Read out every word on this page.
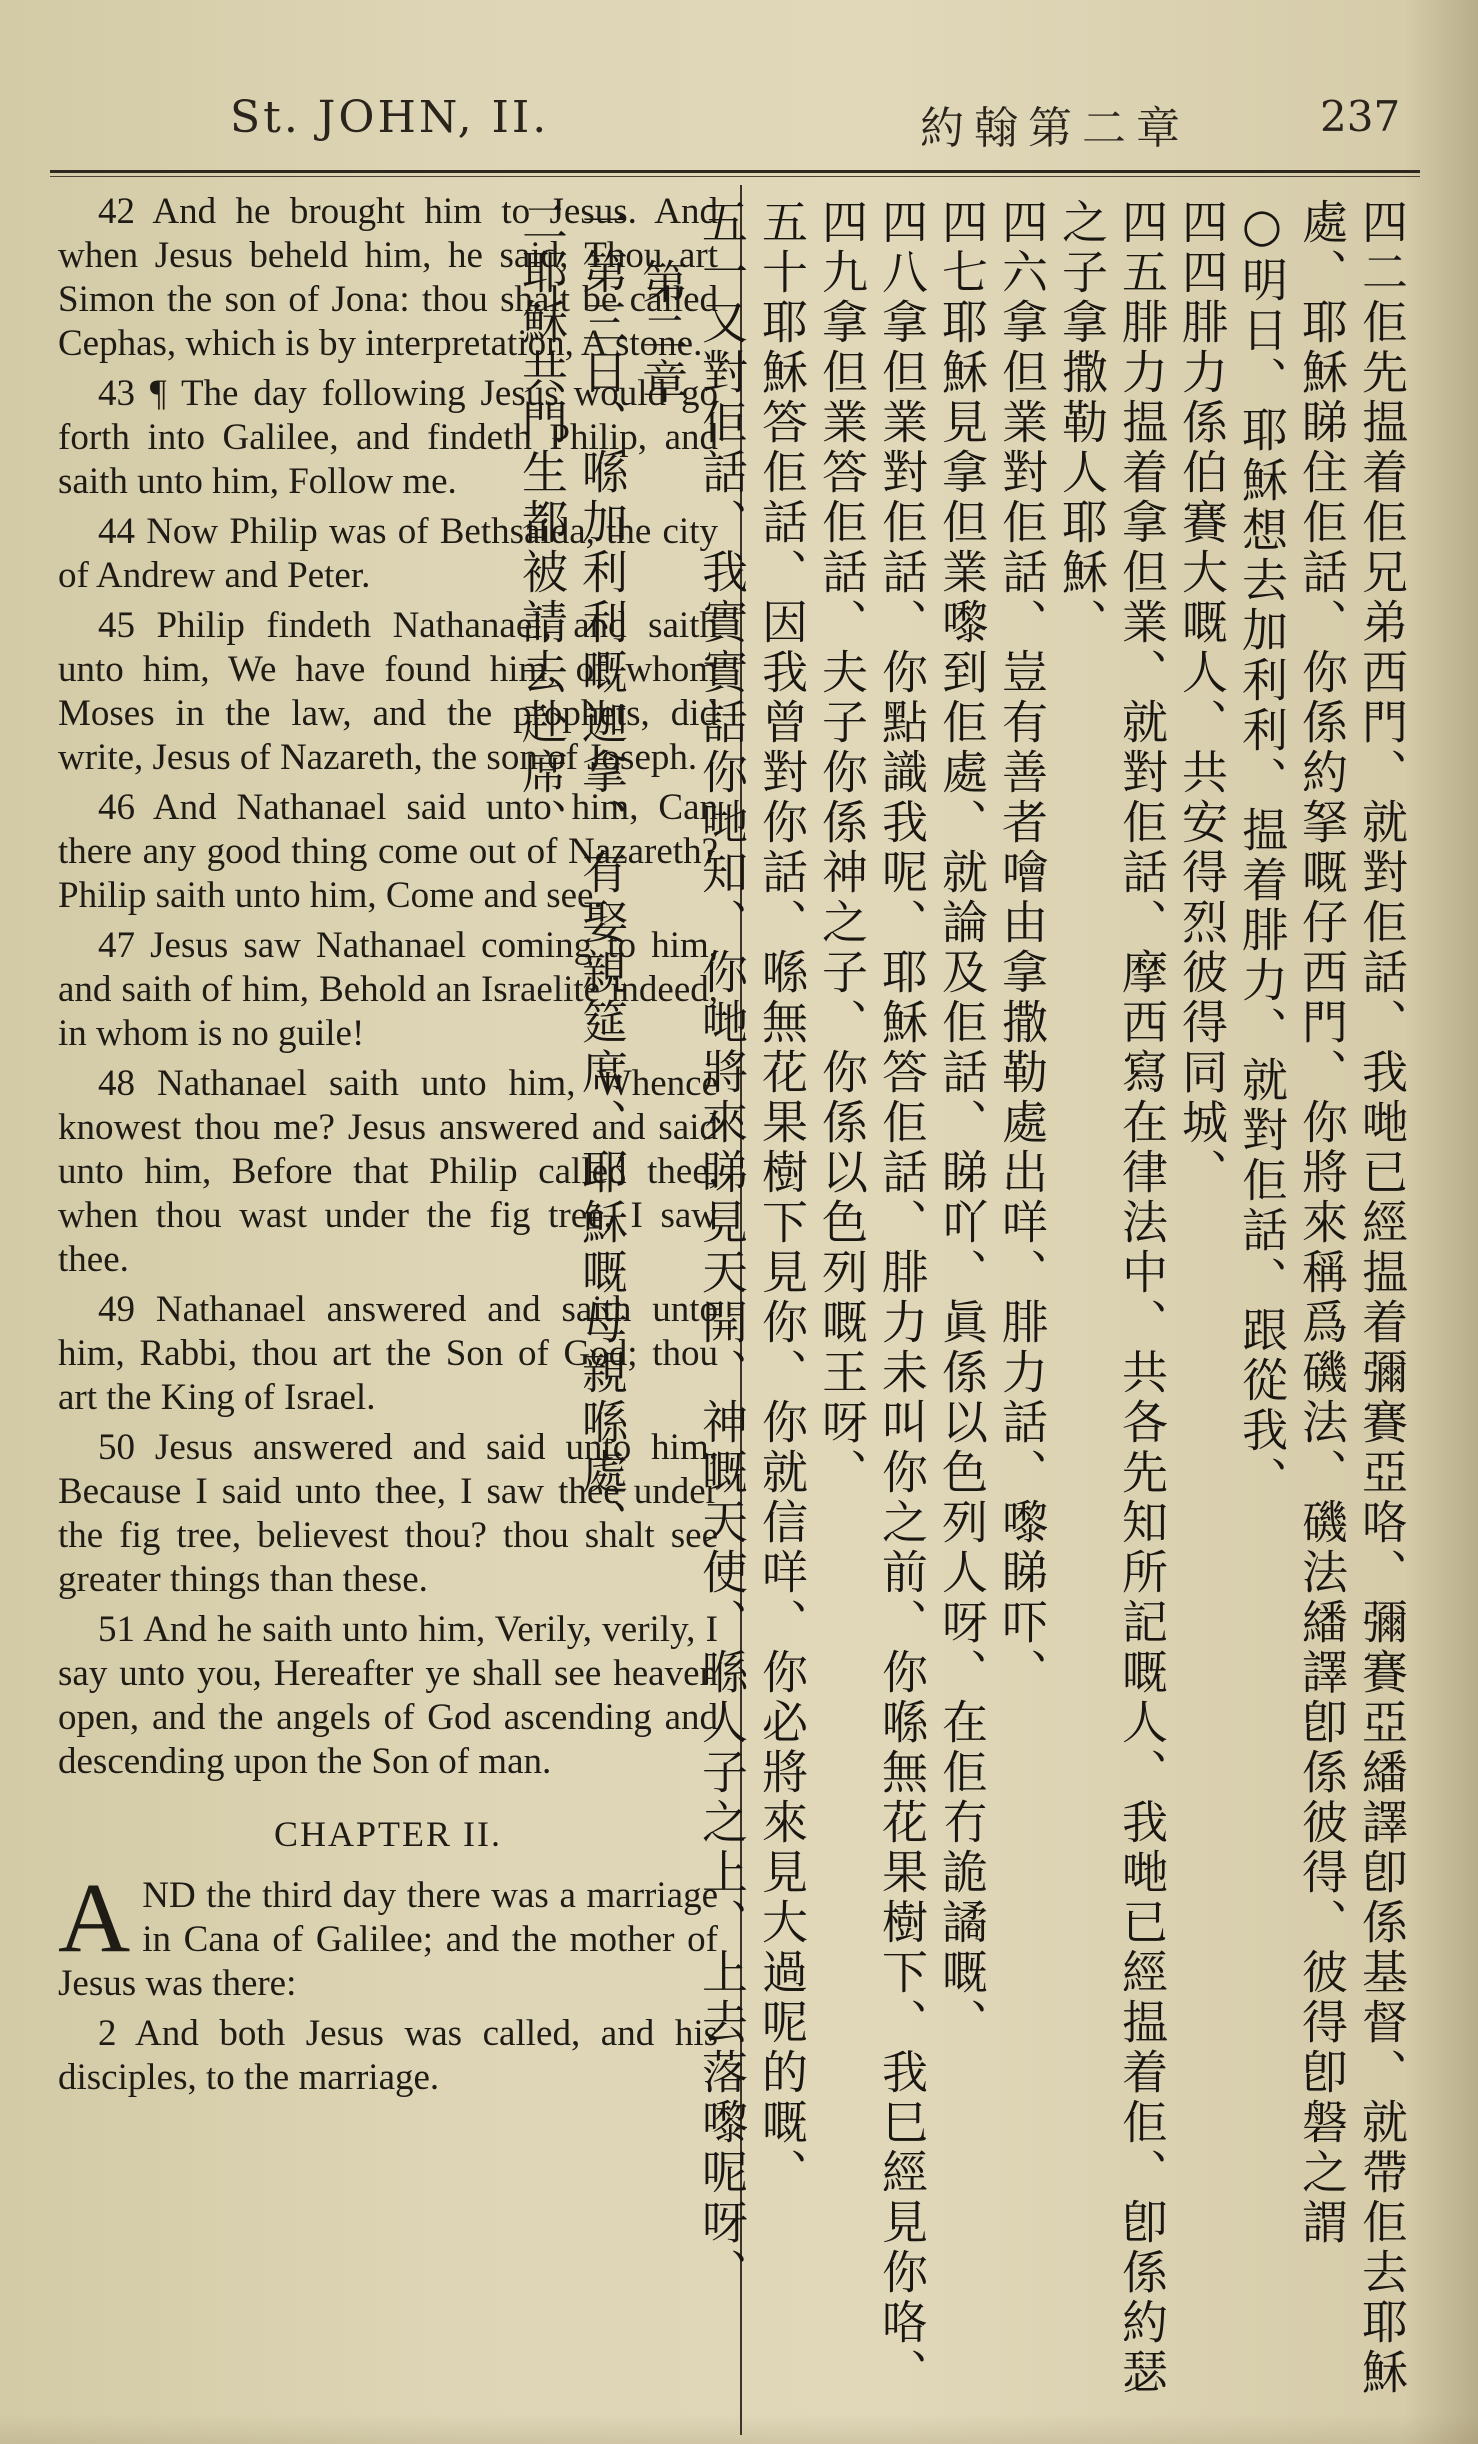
St. JOHN, II.	約翰第二章	237

42 And he brought him to Jesus. And when Jesus beheld him, he said, Thou art Simon the son of Jona: thou shalt be called Cephas, which is by interpretation, A stone.

43 ¶ The day following Jesus would go forth into Galilee, and findeth Philip, and saith unto him, Follow me.

44 Now Philip was of Bethsaida, the city of Andrew and Peter.

45 Philip findeth Nathanael, and saith unto him, We have found him, of whom Moses in the law, and the prophets, did write, Jesus of Nazareth, the son of Joseph.

46 And Nathanael said unto him, Can there any good thing come out of Nazareth? Philip saith unto him, Come and see.

47 Jesus saw Nathanael coming to him, and saith of him, Behold an Israelite indeed, in whom is no guile!

48 Nathanael saith unto him, Whence knowest thou me? Jesus answered and said unto him, Before that Philip called thee, when thou wast under the fig tree, I saw thee.

49 Nathanael answered and saith unto him, Rabbi, thou art the Son of God; thou art the King of Israel.

50 Jesus answered and said unto him, Because I said unto thee, I saw thee under the fig tree, believest thou? thou shalt see greater things than these.

51 And he saith unto him, Verily, verily, I say unto you, Hereafter ye shall see heaven open, and the angels of God ascending and descending upon the Son of man.

CHAPTER II.

A ND the third day there was a marriage in Cana of Galilee; and the mother of Jesus was there:

2 And both Jesus was called, and his disciples, to the marriage.	四二佢先揾着佢兄弟西門、就對佢話、我哋已經揾着彌賽亞咯、彌賽亞繙譯卽係基督、就帶佢去耶穌處、耶穌睇住佢話、你係約拏嘅仔西門、你將來稱爲磯法、磯法繙譯卽係彼得、彼得卽磐之謂
○明日、耶穌想去加利利、揾着腓力、就對佢話、跟從我、
四四腓力係伯賽大嘅人、共安得烈彼得同城、
四五腓力揾着拿但業、就對佢話、摩西寫在律法中、共各先知所記嘅人、我哋已經揾着佢、卽係約瑟之子拿撒勒人耶穌、
四六拿但業對佢話、豈有善者噲由拿撒勒處出咩、腓力話、嚟睇吓、
四七耶穌見拿但業嚟到佢處、就論及佢話、睇吖、眞係以色列人呀、在佢冇詭譎嘅、
四八拿但業對佢話、你點識我呢、耶穌答佢話、腓力未叫你之前、你喺無花果樹下、我巳經見你咯、
四九拿但業答佢話、夫子你係神之子、你係以色列嘅王呀、
五十耶穌答佢話、因我曾對你話、喺無花果樹下見你、你就信咩、你必將來見大過呢的嘅、
五一又對佢話、我實實話你哋知、你哋將來睇見天開、神嘅天使、喺人子之上、上去落嚟呢呀、
第二章
一第三日、喺加利利嘅迦拿、有娶親筵席、耶穌嘅母親喺處、
二耶穌共門生都被請去赴席、
